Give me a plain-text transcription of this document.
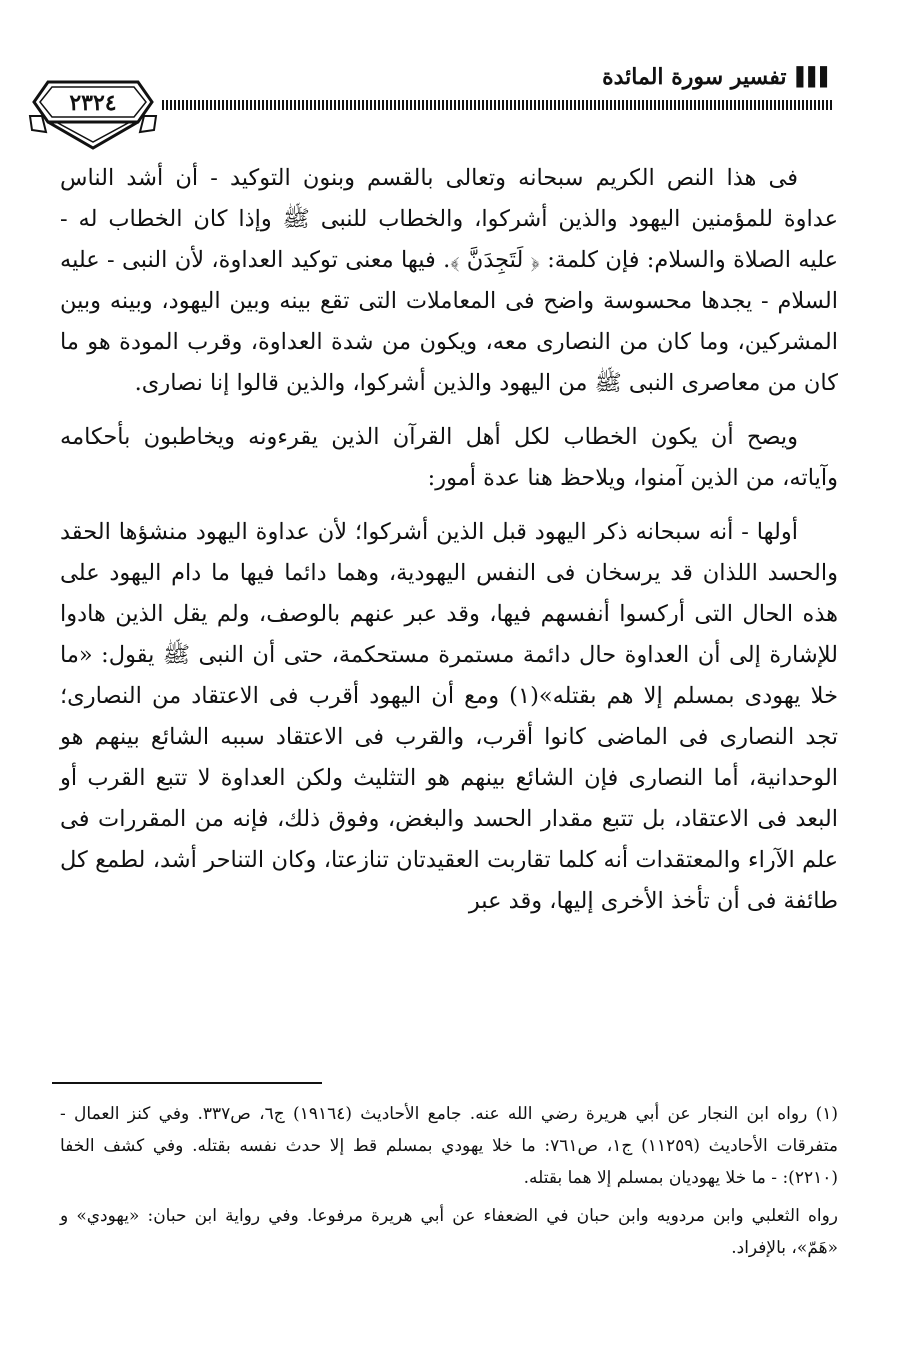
▌▌▌
تفسير سورة المائدة
٢٣٢٤

فى هذا النص الكريم سبحانه وتعالى بالقسم وبنون التوكيد - أن أشد الناس عداوة للمؤمنين اليهود والذين أشركوا، والخطاب للنبى ﷺ وإذا كان الخطاب له - عليه الصلاة والسلام: فإن كلمة: ﴿ لَتَجِدَنَّ ﴾. فيها معنى توكيد العداوة، لأن النبى - عليه السلام - يجدها محسوسة واضح فى المعاملات التى تقع بينه وبين اليهود، وبينه وبين المشركين، وما كان من النصارى معه، ويكون من شدة العداوة، وقرب المودة هو ما كان من معاصرى النبى ﷺ من اليهود والذين أشركوا، والذين قالوا إنا نصارى.

ويصح أن يكون الخطاب لكل أهل القرآن الذين يقرءونه ويخاطبون بأحكامه وآياته، من الذين آمنوا، ويلاحظ هنا عدة أمور:

أولها - أنه سبحانه ذكر اليهود قبل الذين أشركوا؛ لأن عداوة اليهود منشؤها الحقد والحسد اللذان قد يرسخان فى النفس اليهودية، وهما دائما فيها ما دام اليهود على هذه الحال التى أركسوا أنفسهم فيها، وقد عبر عنهم بالوصف، ولم يقل الذين هادوا للإشارة إلى أن العداوة حال دائمة مستمرة مستحكمة، حتى أن النبى ﷺ يقول: «ما خلا يهودى بمسلم إلا هم بقتله»(١) ومع أن اليهود أقرب فى الاعتقاد من النصارى؛ تجد النصارى فى الماضى كانوا أقرب، والقرب فى الاعتقاد سببه الشائع بينهم هو الوحدانية، أما النصارى فإن الشائع بينهم هو التثليث ولكن العداوة لا تتبع القرب أو البعد فى الاعتقاد، بل تتبع مقدار الحسد والبغض، وفوق ذلك، فإنه من المقررات فى علم الآراء والمعتقدات أنه كلما تقاربت العقيدتان تنازعتا، وكان التناحر أشد، لطمع كل طائفة فى أن تأخذ الأخرى إليها، وقد عبر

(١) رواه ابن النجار عن أبي هريرة رضي الله عنه. جامع الأحاديث (١٩١٦٤) ج٦، ص٣٣٧. وفي كنز العمال - متفرقات الأحاديث (١١٢٥٩) ج١، ص٧٦١: ما خلا يهودي بمسلم قط إلا حدث نفسه بقتله. وفي كشف الخفا (٢٢١٠): - ما خلا يهوديان بمسلم إلا هما بقتله.

رواه الثعلبي وابن مردويه وابن حبان في الضعفاء عن أبي هريرة مرفوعا. وفي رواية ابن حبان: «يهودي» و «هَمّ»، بالإفراد.
